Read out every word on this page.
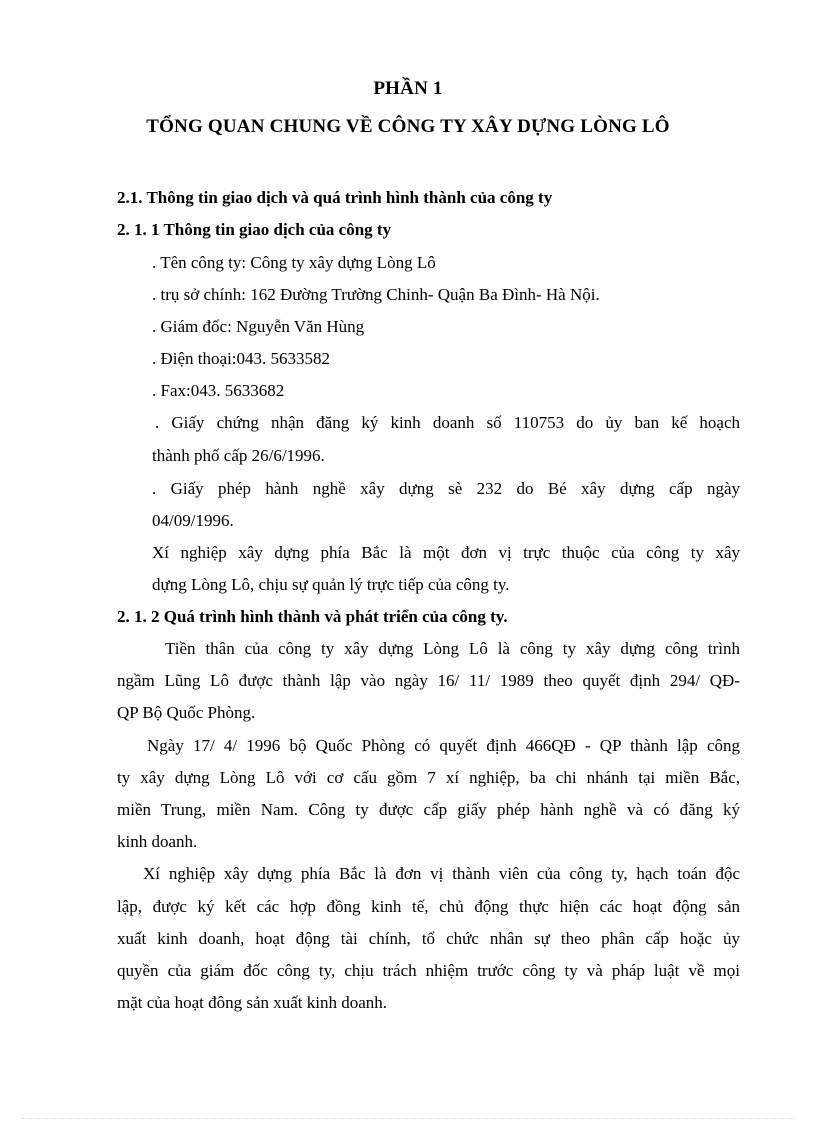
PHẦN 1
TỔNG QUAN CHUNG VỀ CÔNG TY XÂY DỰNG LÒNG LÔ
2.1. Thông tin giao dịch và quá trình hình thành của công ty
2. 1. 1 Thông tin giao dịch của công ty
. Tên công ty: Công ty xây dựng Lòng Lô
. trụ sở chính: 162 Đường Trường Chinh- Quận Ba Đình- Hà Nội.
. Giám đốc: Nguyễn Văn Hùng
. Điện thoại:043. 5633582
. Fax:043. 5633682
. Giấy chứng nhận đăng ký kinh doanh số 110753 do ủy ban kế hoạch
thành phố cấp 26/6/1996.
. Giấy phép hành nghề xây dựng sè 232 do Bé xây dựng cấp ngày
04/09/1996.
Xí nghiệp xây dựng phía Bắc là một đơn vị trực thuộc của công ty xây
dựng Lòng Lô, chịu sự quản lý trực tiếp của công ty.
2. 1. 2 Quá trình hình thành và phát triển của công ty.
Tiền thân của công ty xây dựng Lòng Lô là công ty xây dựng công trình
ngầm Lũng Lô được thành lập vào ngày 16/ 11/ 1989 theo quyết định 294/ QĐ-
QP Bộ Quốc Phòng.
Ngày 17/ 4/ 1996 bộ Quốc Phòng có quyết định 466QĐ - QP thành lập công
ty xây dựng Lòng Lô với cơ cấu gồm 7 xí nghiệp, ba chi nhánh tại miền Bắc,
miền Trung, miền Nam. Công ty được cấp giấy phép hành nghề và có đăng ký
kinh doanh.
Xí nghiệp xây dựng phía Bắc là đơn vị thành viên của công ty, hạch toán độc
lập, được ký kết các hợp đồng kinh tế, chủ động thực hiện các hoạt động sản
xuất kinh doanh, hoạt động tài chính, tổ chức nhân sự theo phân cấp hoặc ủy
quyền của giám đốc công ty, chịu trách nhiệm trước công ty và pháp luật về mọi
mặt của hoạt đông sản xuất kinh doanh.
